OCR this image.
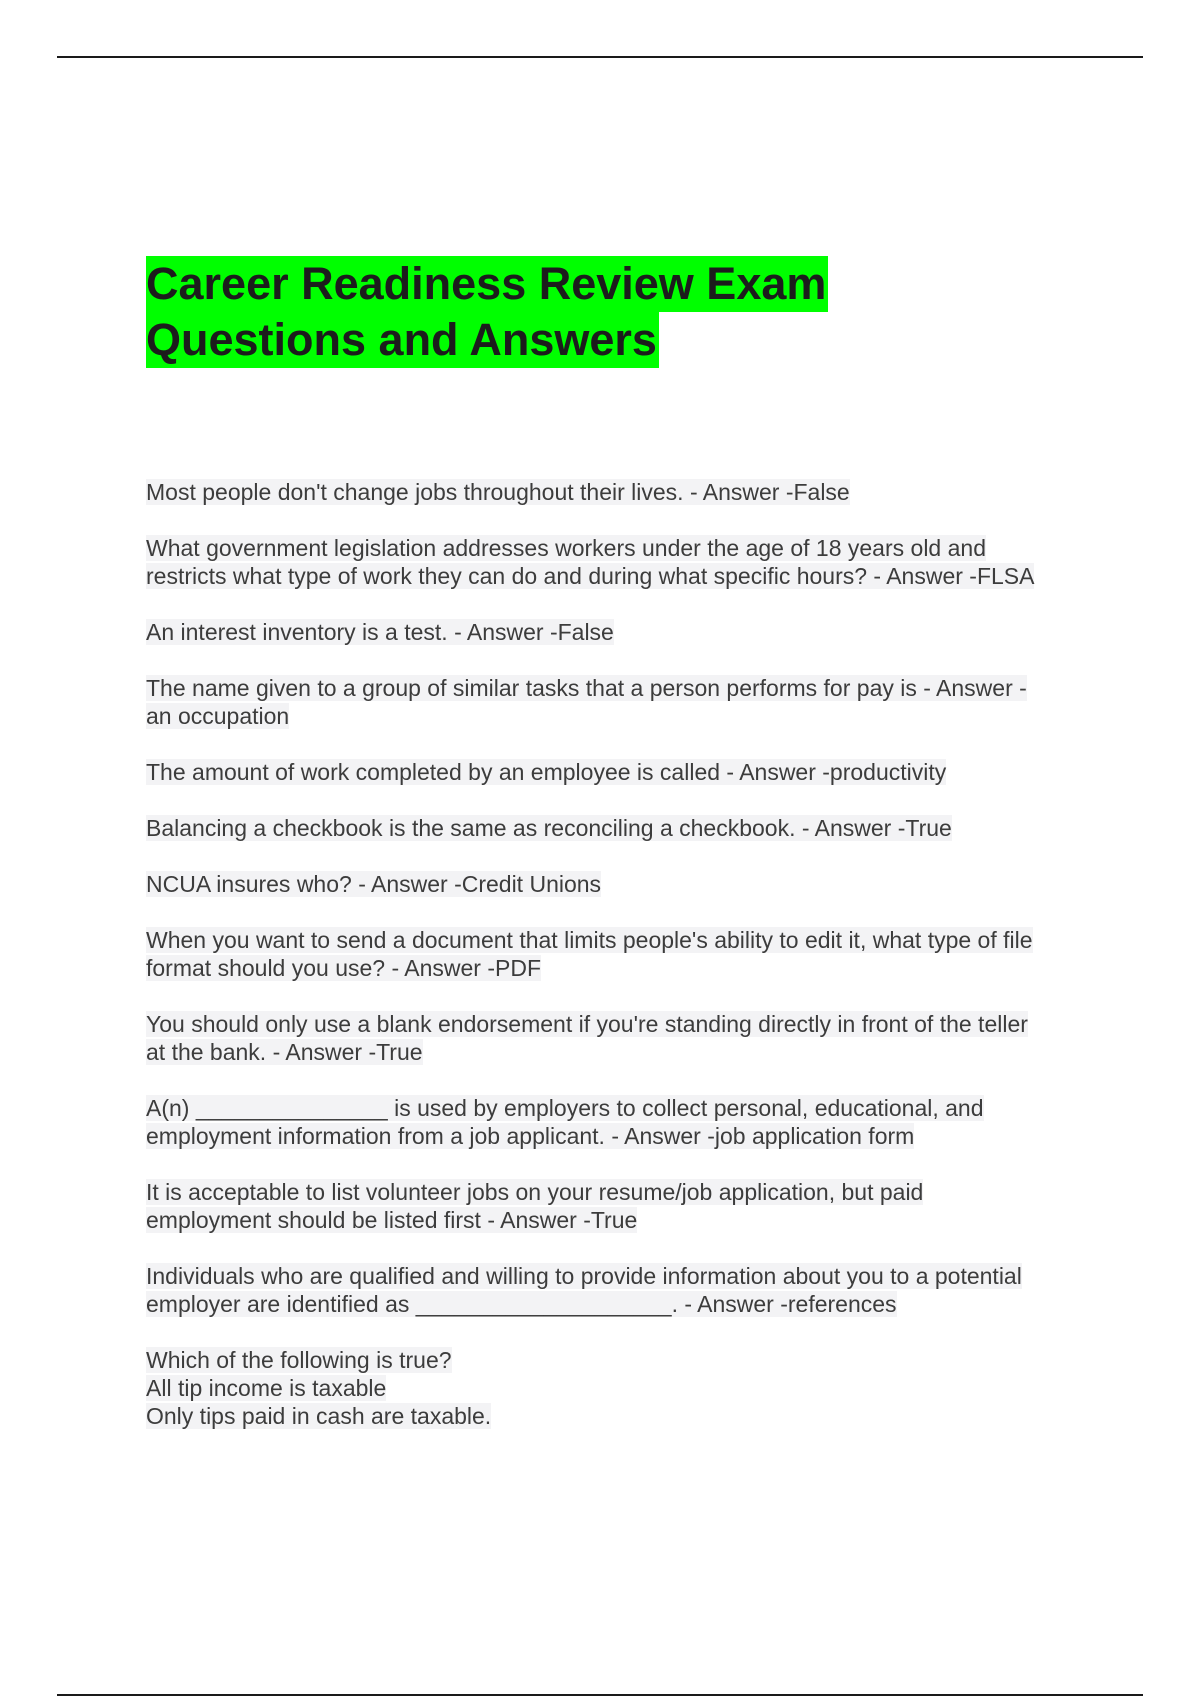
Career Readiness Review Exam
Questions and Answers
Most people don't change jobs throughout their lives. - Answer -False
What government legislation addresses workers under the age of 18 years old and
restricts what type of work they can do and during what specific hours? - Answer -FLSA
An interest inventory is a test. - Answer -False
The name given to a group of similar tasks that a person performs for pay is - Answer -
an occupation
The amount of work completed by an employee is called - Answer -productivity
Balancing a checkbook is the same as reconciling a checkbook. - Answer -True
NCUA insures who? - Answer -Credit Unions
When you want to send a document that limits people's ability to edit it, what type of file
format should you use? - Answer -PDF
You should only use a blank endorsement if you're standing directly in front of the teller
at the bank. - Answer -True
A(n) _______________ is used by employers to collect personal, educational, and
employment information from a job applicant. - Answer -job application form
It is acceptable to list volunteer jobs on your resume/job application, but paid
employment should be listed first - Answer -True
Individuals who are qualified and willing to provide information about you to a potential
employer are identified as ____________________. - Answer -references
Which of the following is true?
All tip income is taxable
Only tips paid in cash are taxable.
